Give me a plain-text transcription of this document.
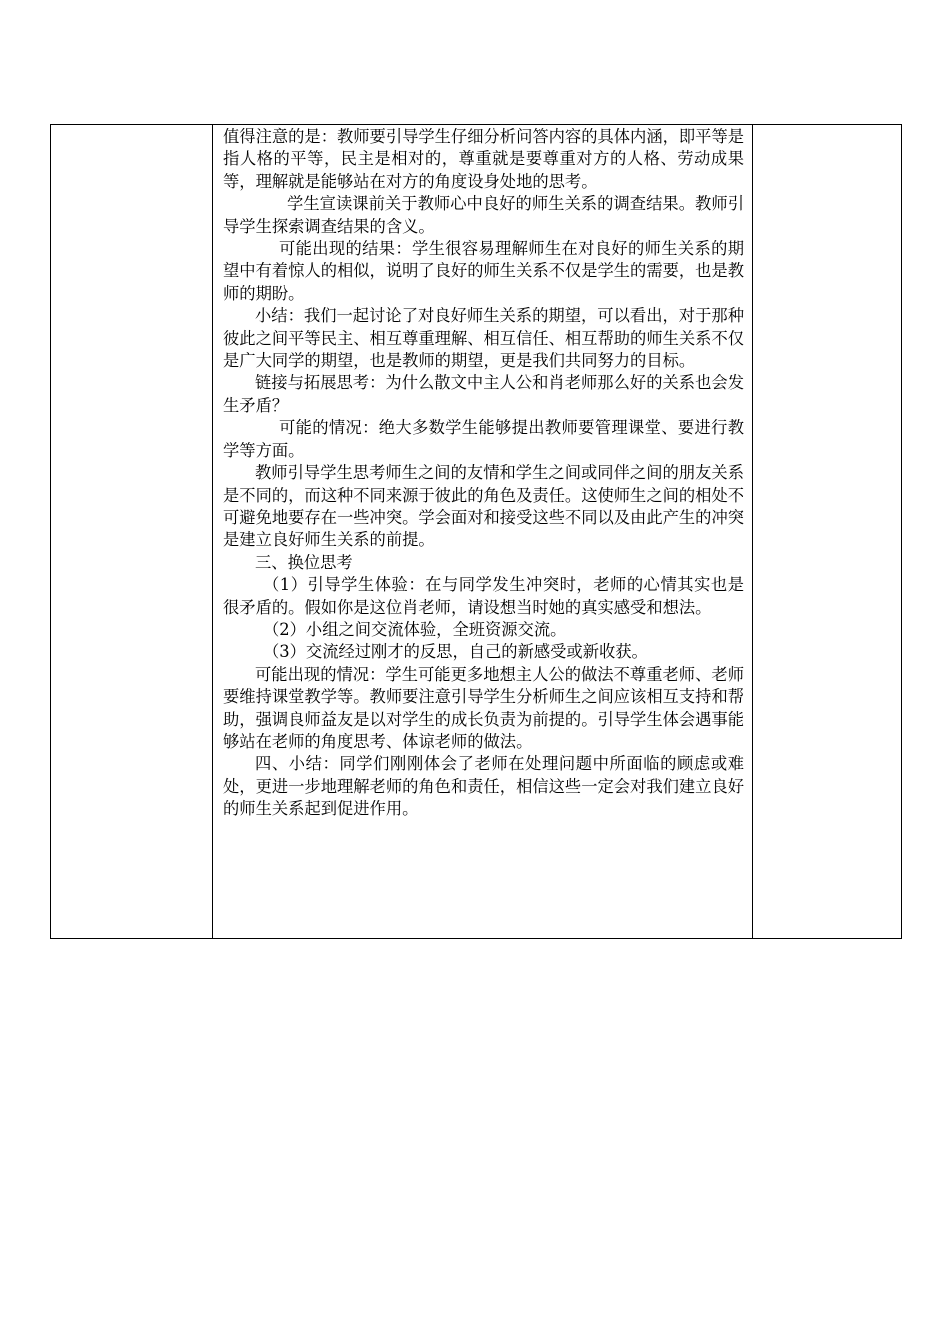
值得注意的是：教师要引导学生仔细分析问答内容的具体内涵，即平等是指人格的平等，民主是相对的，尊重就是要尊重对方的人格、劳动成果等，理解就是能够站在对方的角度设身处地的思考。

学生宣读课前关于教师心中良好的师生关系的调查结果。教师引导学生探索调查结果的含义。

可能出现的结果：学生很容易理解师生在对良好的师生关系的期望中有着惊人的相似，说明了良好的师生关系不仅是学生的需要，也是教师的期盼。

小结：我们一起讨论了对良好师生关系的期望，可以看出，对于那种彼此之间平等民主、相互尊重理解、相互信任、相互帮助的师生关系不仅是广大同学的期望，也是教师的期望，更是我们共同努力的目标。

链接与拓展思考：为什么散文中主人公和肖老师那么好的关系也会发生矛盾？

可能的情况：绝大多数学生能够提出教师要管理课堂、要进行教学等方面。

教师引导学生思考师生之间的友情和学生之间或同伴之间的朋友关系是不同的，而这种不同来源于彼此的角色及责任。这使师生之间的相处不可避免地要存在一些冲突。学会面对和接受这些不同以及由此产生的冲突是建立良好师生关系的前提。

三、换位思考

（1）引导学生体验：在与同学发生冲突时，老师的心情其实也是很矛盾的。假如你是这位肖老师，请设想当时她的真实感受和想法。

（2）小组之间交流体验，全班资源交流。

（3）交流经过刚才的反思，自己的新感受或新收获。

可能出现的情况：学生可能更多地想主人公的做法不尊重老师、老师要维持课堂教学等。教师要注意引导学生分析师生之间应该相互支持和帮助，强调良师益友是以对学生的成长负责为前提的。引导学生体会遇事能够站在老师的角度思考、体谅老师的做法。

四、小结：同学们刚刚体会了老师在处理问题中所面临的顾虑或难处，更进一步地理解老师的角色和责任，相信这些一定会对我们建立良好的师生关系起到促进作用。
